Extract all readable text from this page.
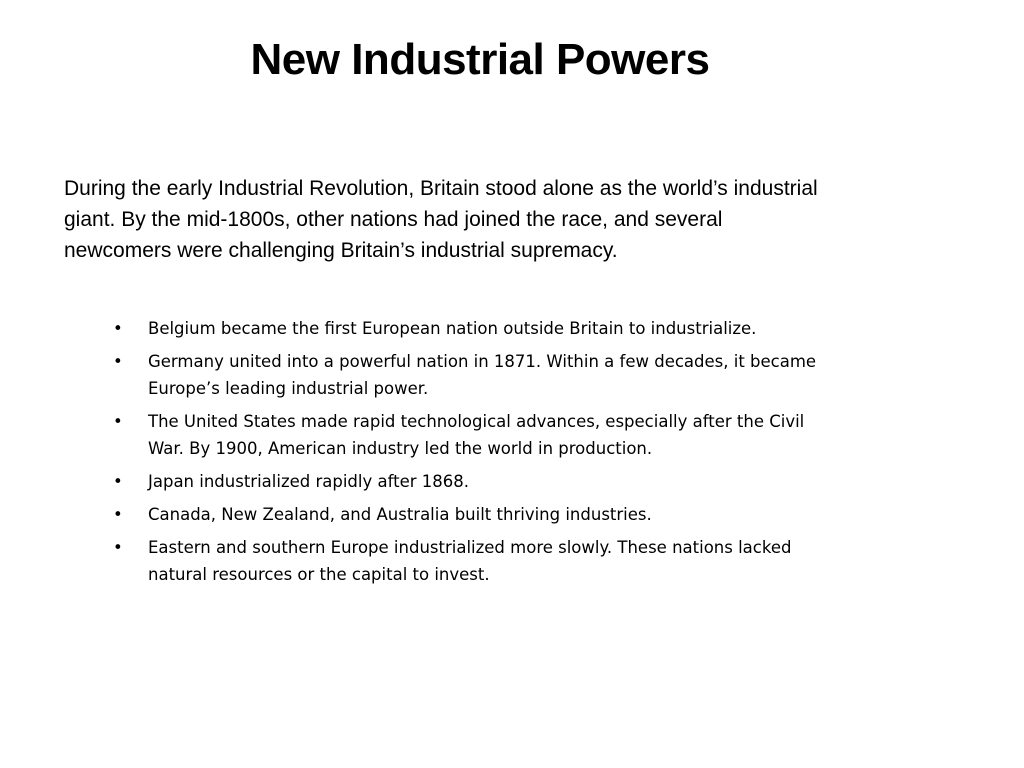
New Industrial Powers

During the early Industrial Revolution, Britain stood alone as the world’s industrial giant. By the mid-1800s, other nations had joined the race, and several newcomers were challenging Britain’s industrial supremacy.

• Belgium became the first European nation outside Britain to industrialize.
• Germany united into a powerful nation in 1871. Within a few decades, it became Europe’s leading industrial power.
• The United States made rapid technological advances, especially after the Civil War. By 1900, American industry led the world in production.
• Japan industrialized rapidly after 1868.
• Canada, New Zealand, and Australia built thriving industries.
• Eastern and southern Europe industrialized more slowly. These nations lacked natural resources or the capital to invest.
